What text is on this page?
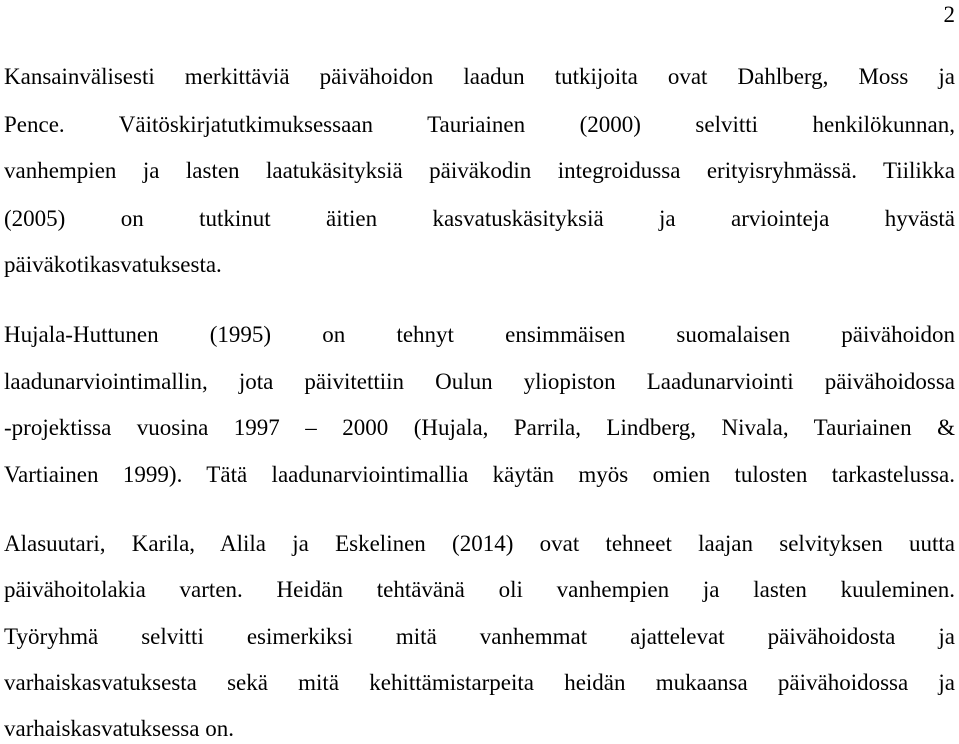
2
Kansainvälisesti merkittäviä päivähoidon laadun tutkijoita ovat Dahlberg, Moss ja
Pence. Väitöskirjatutkimuksessaan Tauriainen (2000) selvitti henkilökunnan,
vanhempien ja lasten laatukäsityksiä päiväkodin integroidussa erityisryhmässä. Tiilikka
(2005) on tutkinut äitien kasvatuskäsityksiä ja arviointeja hyvästä
päiväkotikasvatuksesta.
Hujala-Huttunen (1995) on tehnyt ensimmäisen suomalaisen päivähoidon
laadunarviointimallin, jota päivitettiin Oulun yliopiston Laadunarviointi päivähoidossa
-projektissa vuosina 1997 – 2000 (Hujala, Parrila, Lindberg, Nivala, Tauriainen &
Vartiainen 1999). Tätä laadunarviointimallia käytän myös omien tulosten tarkastelussa.
Alasuutari, Karila, Alila ja Eskelinen (2014) ovat tehneet laajan selvityksen uutta
päivähoitolakia varten. Heidän tehtävänä oli vanhempien ja lasten kuuleminen.
Työryhmä selvitti esimerkiksi mitä vanhemmat ajattelevat päivähoidosta ja
varhaiskasvatuksesta sekä mitä kehittämistarpeita heidän mukaansa päivähoidossa ja
varhaiskasvatuksessa on.
